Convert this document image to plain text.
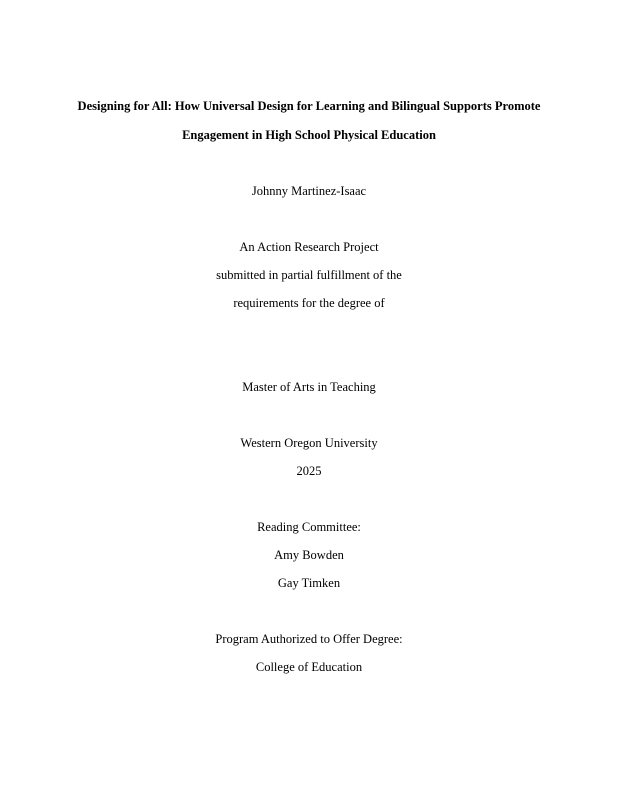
Designing for All: How Universal Design for Learning and Bilingual Supports Promote
Engagement in High School Physical Education
Johnny Martinez-Isaac
An Action Research Project
submitted in partial fulfillment of the
requirements for the degree of
Master of Arts in Teaching
Western Oregon University
2025
Reading Committee:
Amy Bowden
Gay Timken
Program Authorized to Offer Degree:
College of Education
